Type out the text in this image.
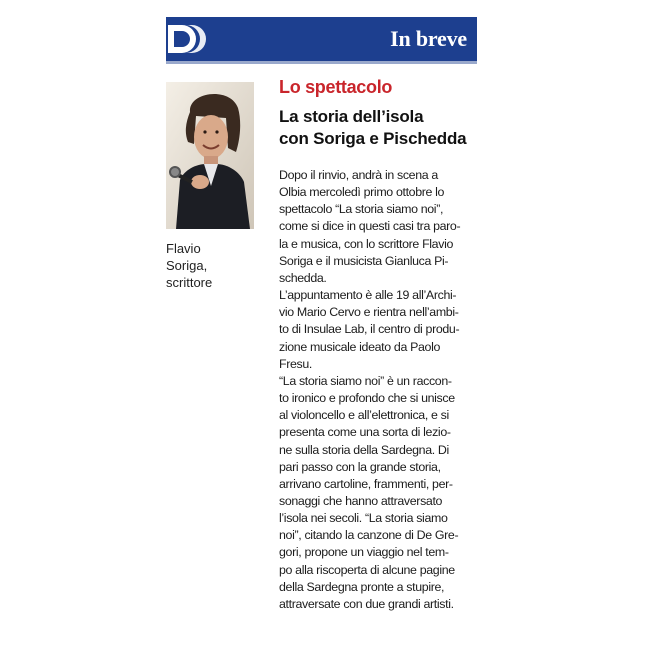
In breve
Flavio
Soriga,
scrittore
Lo spettacolo
La storia dell’isola
con Soriga e Pischedda
Dopo il rinvio, andrà in scena a
Olbia mercoledì primo ottobre lo
spettacolo “La storia siamo noi”,
come si dice in questi casi tra paro-
la e musica, con lo scrittore Flavio
Soriga e il musicista Gianluca Pi-
schedda.
L’appuntamento è alle 19 all’Archi-
vio Mario Cervo e rientra nell’ambi-
to di Insulae Lab, il centro di produ-
zione musicale ideato da Paolo
Fresu.
“La storia siamo noi” è un raccon-
to ironico e profondo che si unisce
al violoncello e all’elettronica, e si
presenta come una sorta di lezio-
ne sulla storia della Sardegna. Di
pari passo con la grande storia,
arrivano cartoline, frammenti, per-
sonaggi che hanno attraversato
l’isola nei secoli. “La storia siamo
noi”, citando la canzone di De Gre-
gori, propone un viaggio nel tem-
po alla riscoperta di alcune pagine
della Sardegna pronte a stupire,
attraversate con due grandi artisti.
